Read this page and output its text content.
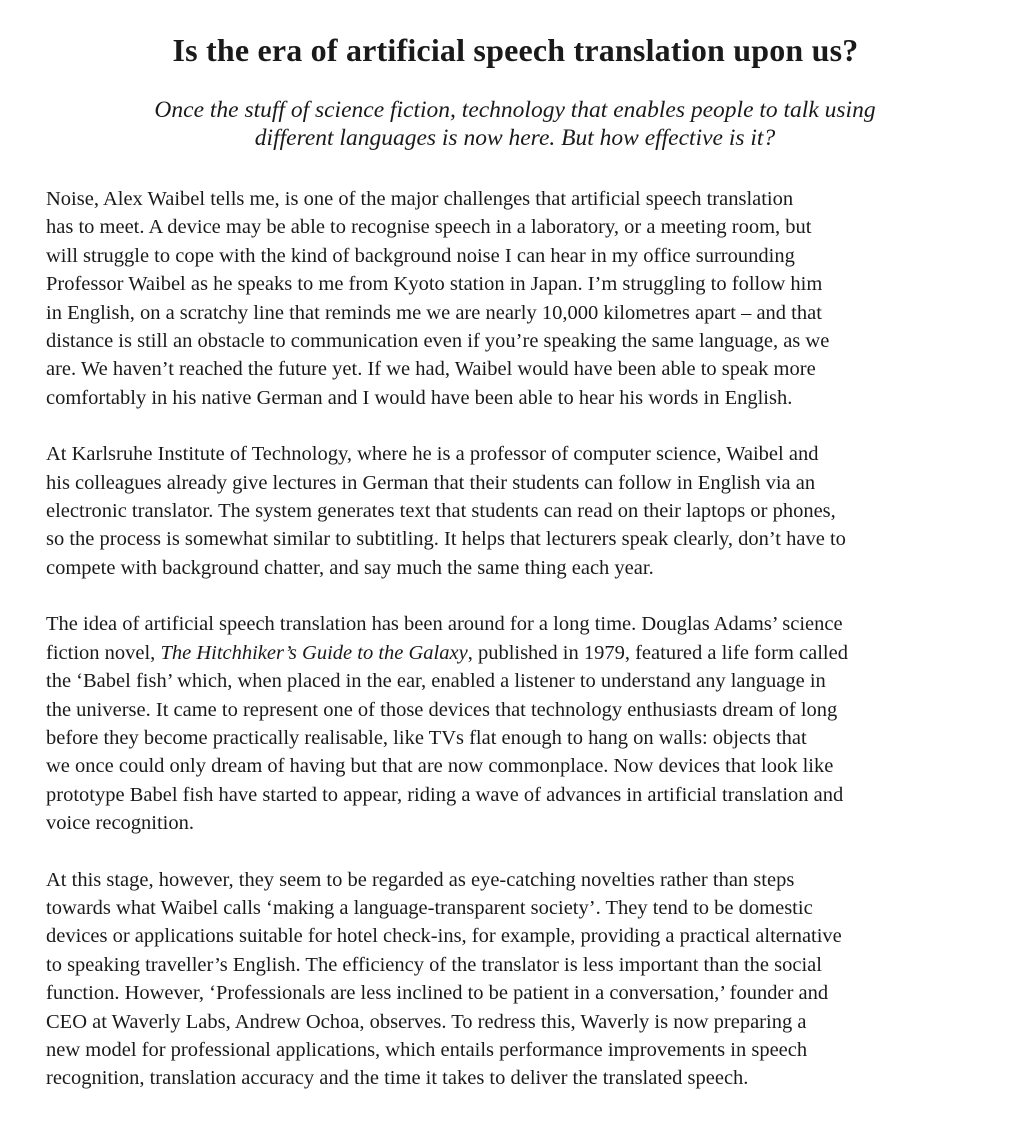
Is the era of artificial speech translation upon us?

Once the stuff of science fiction, technology that enables people to talk using
different languages is now here. But how effective is it?

Noise, Alex Waibel tells me, is one of the major challenges that artificial speech translation
has to meet. A device may be able to recognise speech in a laboratory, or a meeting room, but
will struggle to cope with the kind of background noise I can hear in my office surrounding
Professor Waibel as he speaks to me from Kyoto station in Japan. I’m struggling to follow him
in English, on a scratchy line that reminds me we are nearly 10,000 kilometres apart – and that
distance is still an obstacle to communication even if you’re speaking the same language, as we
are. We haven’t reached the future yet. If we had, Waibel would have been able to speak more
comfortably in his native German and I would have been able to hear his words in English.

At Karlsruhe Institute of Technology, where he is a professor of computer science, Waibel and
his colleagues already give lectures in German that their students can follow in English via an
electronic translator. The system generates text that students can read on their laptops or phones,
so the process is somewhat similar to subtitling. It helps that lecturers speak clearly, don’t have to
compete with background chatter, and say much the same thing each year.

The idea of artificial speech translation has been around for a long time. Douglas Adams’ science
fiction novel, The Hitchhiker’s Guide to the Galaxy, published in 1979, featured a life form called
the ‘Babel fish’ which, when placed in the ear, enabled a listener to understand any language in
the universe. It came to represent one of those devices that technology enthusiasts dream of long
before they become practically realisable, like TVs flat enough to hang on walls: objects that
we once could only dream of having but that are now commonplace. Now devices that look like
prototype Babel fish have started to appear, riding a wave of advances in artificial translation and
voice recognition.

At this stage, however, they seem to be regarded as eye-catching novelties rather than steps
towards what Waibel calls ‘making a language-transparent society’. They tend to be domestic
devices or applications suitable for hotel check-ins, for example, providing a practical alternative
to speaking traveller’s English. The efficiency of the translator is less important than the social
function. However, ‘Professionals are less inclined to be patient in a conversation,’ founder and
CEO at Waverly Labs, Andrew Ochoa, observes. To redress this, Waverly is now preparing a
new model for professional applications, which entails performance improvements in speech
recognition, translation accuracy and the time it takes to deliver the translated speech.
